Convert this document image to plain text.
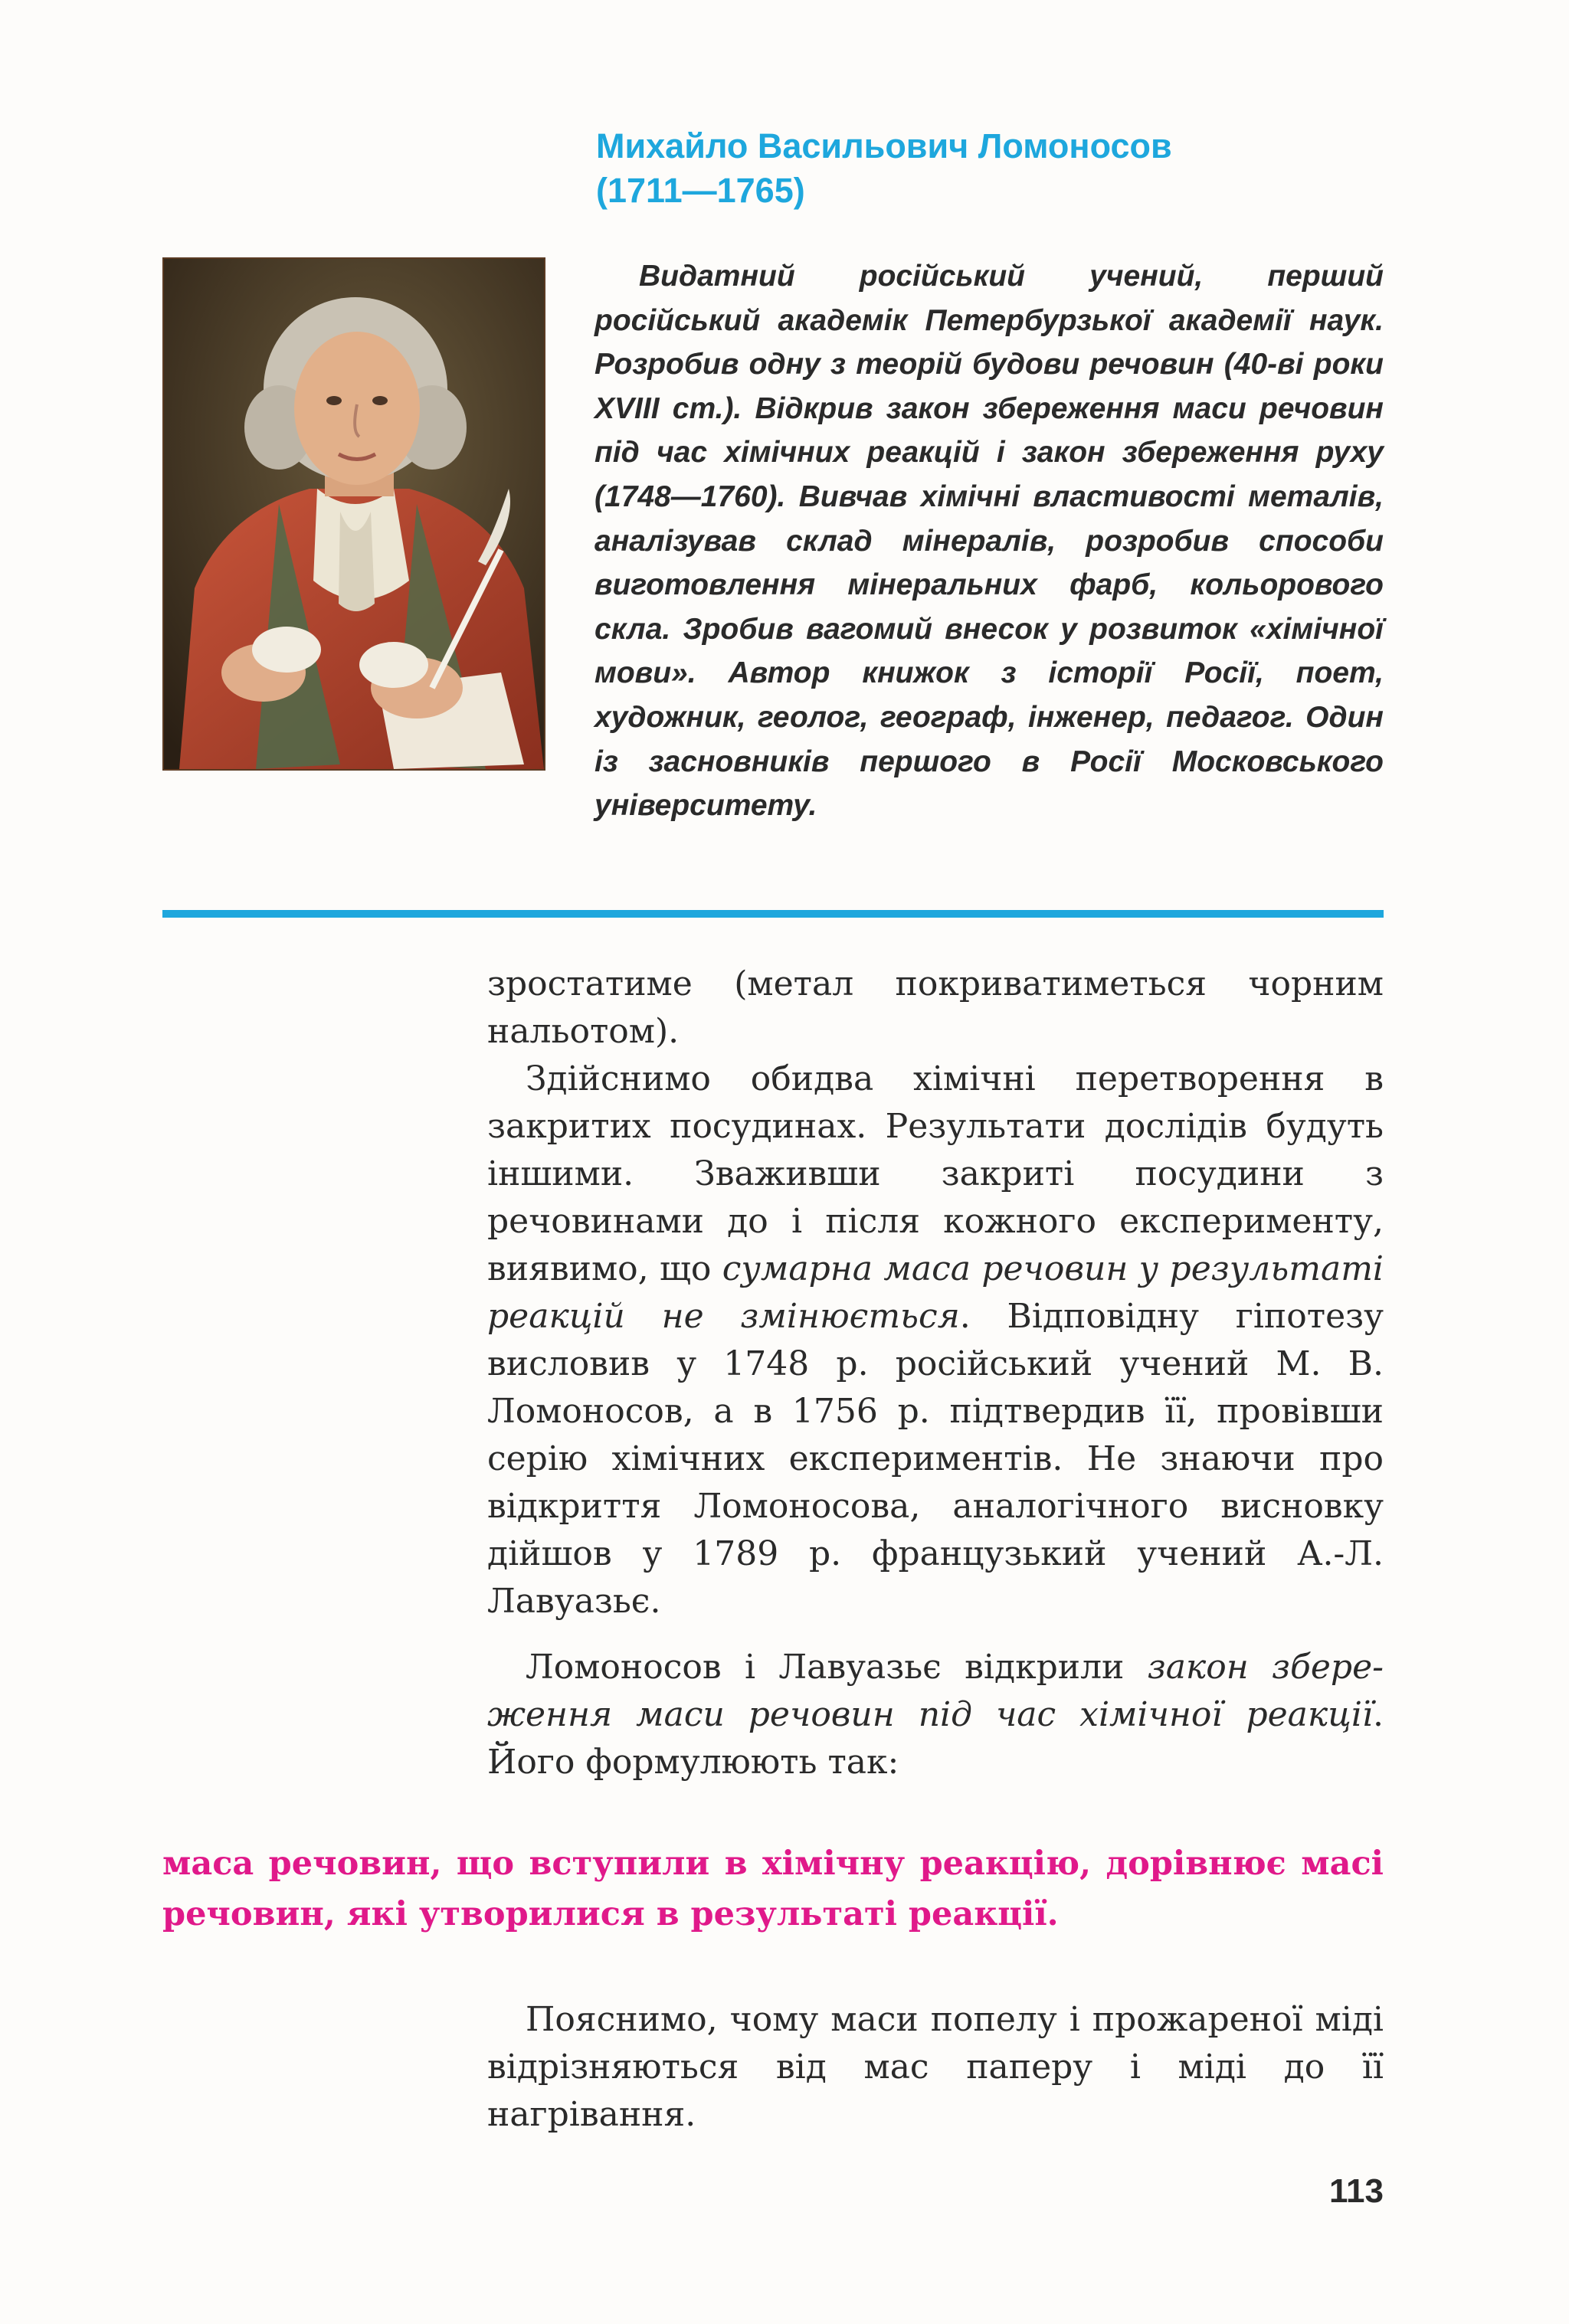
Михайло Васильович Ломоносов
(1711—1765)

Видатний російський учений, перший російський академік Петербурзької академії наук. Розробив одну з теорій будови речовин (40-ві роки XVIII ст.). Відкрив закон збереження маси речовин під час хімічних реакцій і закон збереження руху (1748—1760). Вивчав хімічні властивості металів, аналізував склад мінералів, розробив способи виготовлення мінеральних фарб, кольорового скла. Зробив вагомий внесок у розвиток «хімічної мови». Автор книжок з історії Росії, поет, художник, геолог, географ, інженер, педагог. Один із засновників першого в Росії Московського університету.

зростатиме (метал покриватиметься чорним нальотом).

Здійснимо обидва хімічні перетворення в закритих посудинах. Результати дослідів будуть іншими. Зваживши закриті посудини з речовинами до і після кожного експерименту, виявимо, що сумарна маса речовин у результаті реакцій не змінюється. Відповідну гіпотезу висловив у 1748 р. російський учений М. В. Ломоносов, а в 1756 р. підтвердив її, провівши серію хімічних експериментів. Не знаючи про відкриття Ломоносова, аналогічного висновку дійшов у 1789 р. французький учений А.-Л. Лавуазьє.

Ломоносов і Лавуазьє відкрили закон збереження маси речовин під час хімічної реакції. Його формулюють так:

маса речовин, що вступили в хімічну реакцію, дорівнює масі речовин, які утворилися в результаті реакції.

Пояснимо, чому маси попелу і прожареної міді відрізняються від мас паперу і міді до її нагрівання.

113
